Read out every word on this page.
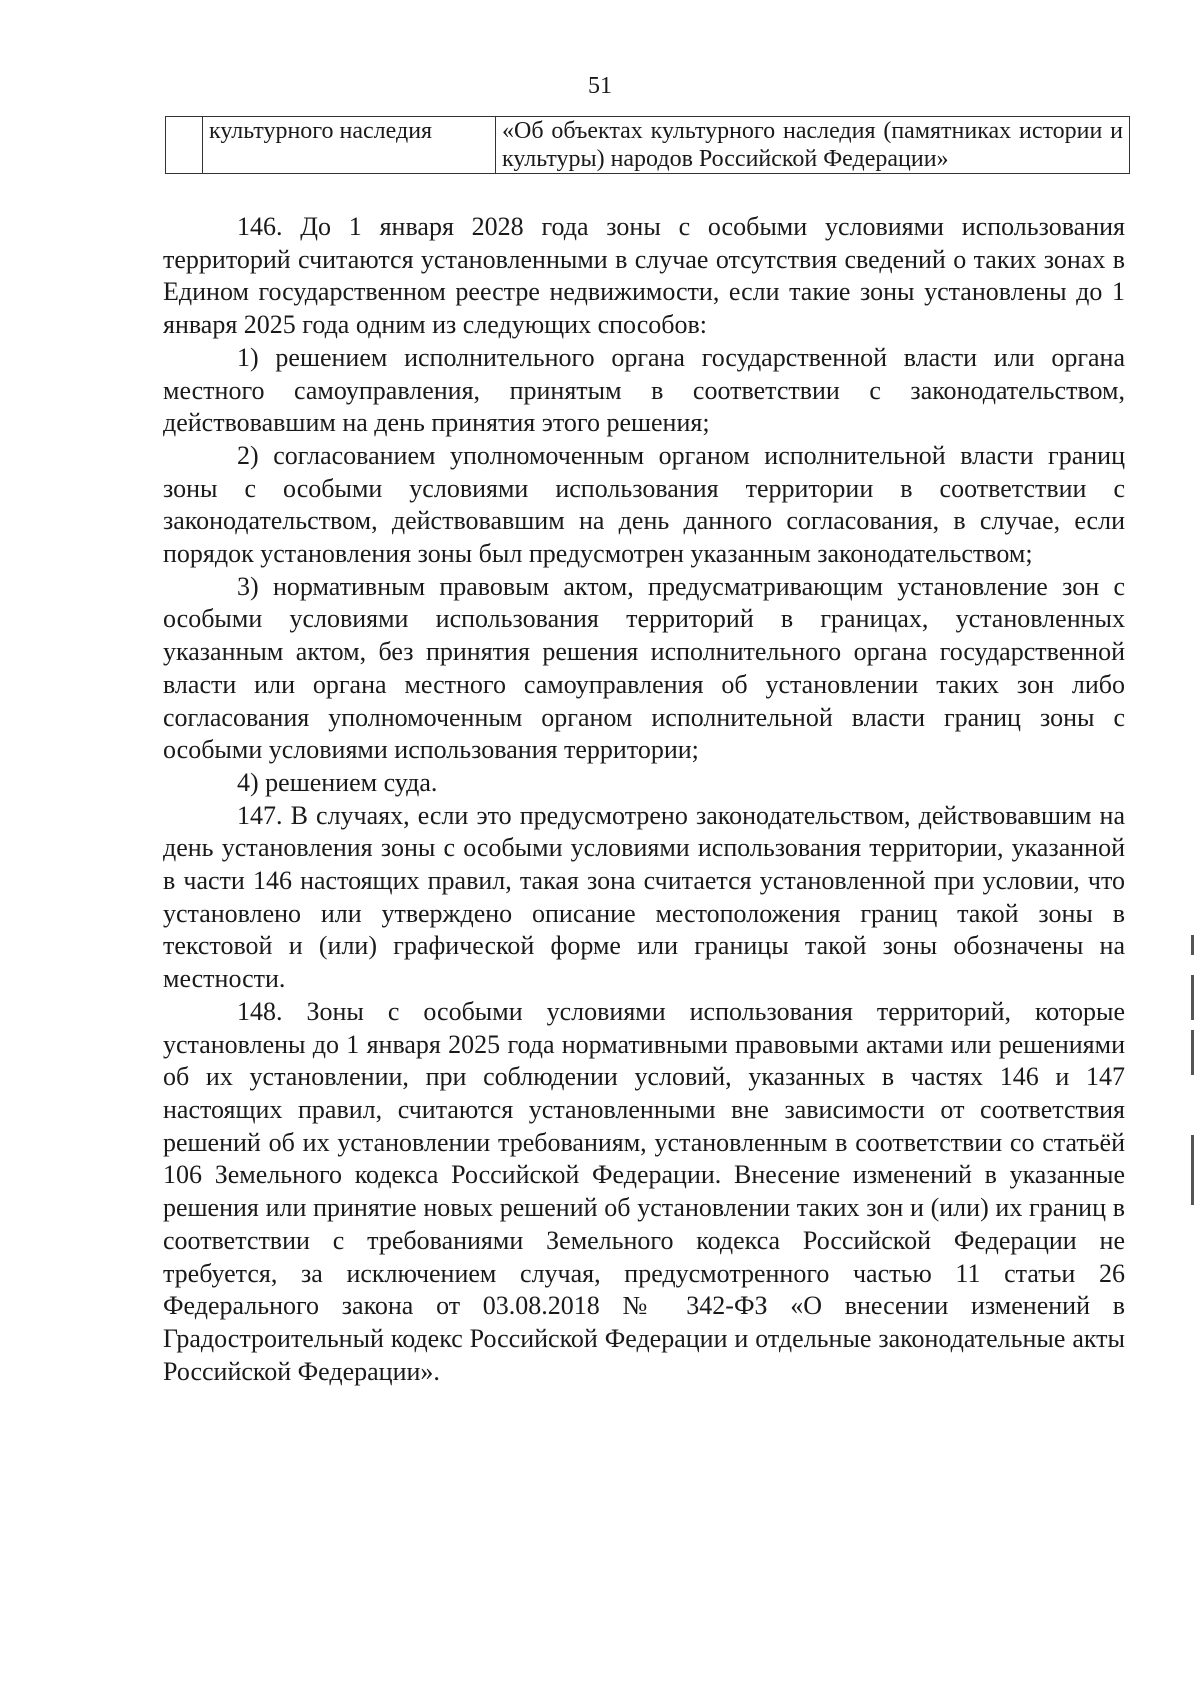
51
	культурного наследия	«Об объектах культурного наследия (памятниках истории и культуры) народов Российской Федерации»

146. До 1 января 2028 года зоны с особыми условиями использования территорий считаются установленными в случае отсутствия сведений о таких зонах в Едином государственном реестре недвижимости, если такие зоны установлены до 1 января 2025 года одним из следующих способов:

1) решением исполнительного органа государственной власти или органа местного самоуправления, принятым в соответствии с законодательством, действовавшим на день принятия этого решения;

2) согласованием уполномоченным органом исполнительной власти границ зоны с особыми условиями использования территории в соответствии с законодательством, действовавшим на день данного согласования, в случае, если порядок установления зоны был предусмотрен указанным законодательством;

3) нормативным правовым актом, предусматривающим установление зон с особыми условиями использования территорий в границах, установленных указанным актом, без принятия решения исполнительного органа государственной власти или органа местного самоуправления об установлении таких зон либо согласования уполномоченным органом исполнительной власти границ зоны с особыми условиями использования территории;

4) решением суда.

147. В случаях, если это предусмотрено законодательством, действовавшим на день установления зоны с особыми условиями использования территории, указанной в части 146 настоящих правил, такая зона считается установленной при условии, что установлено или утверждено описание местоположения границ такой зоны в текстовой и (или) графической форме или границы такой зоны обозначены на местности.

148. Зоны с особыми условиями использования территорий, которые установлены до 1 января 2025 года нормативными правовыми актами или решениями об их установлении, при соблюдении условий, указанных в частях 146 и 147 настоящих правил, считаются установленными вне зависимости от соответствия решений об их установлении требованиям, установленным в соответствии со статьёй 106 Земельного кодекса Российской Федерации. Внесение изменений в указанные решения или принятие новых решений об установлении таких зон и (или) их границ в соответствии с требованиями Земельного кодекса Российской Федерации не требуется, за исключением случая, предусмотренного частью 11 статьи 26 Федерального закона от 03.08.2018 № 342-ФЗ «О внесении изменений в Градостроительный кодекс Российской Федерации и отдельные законодательные акты Российской Федерации».
